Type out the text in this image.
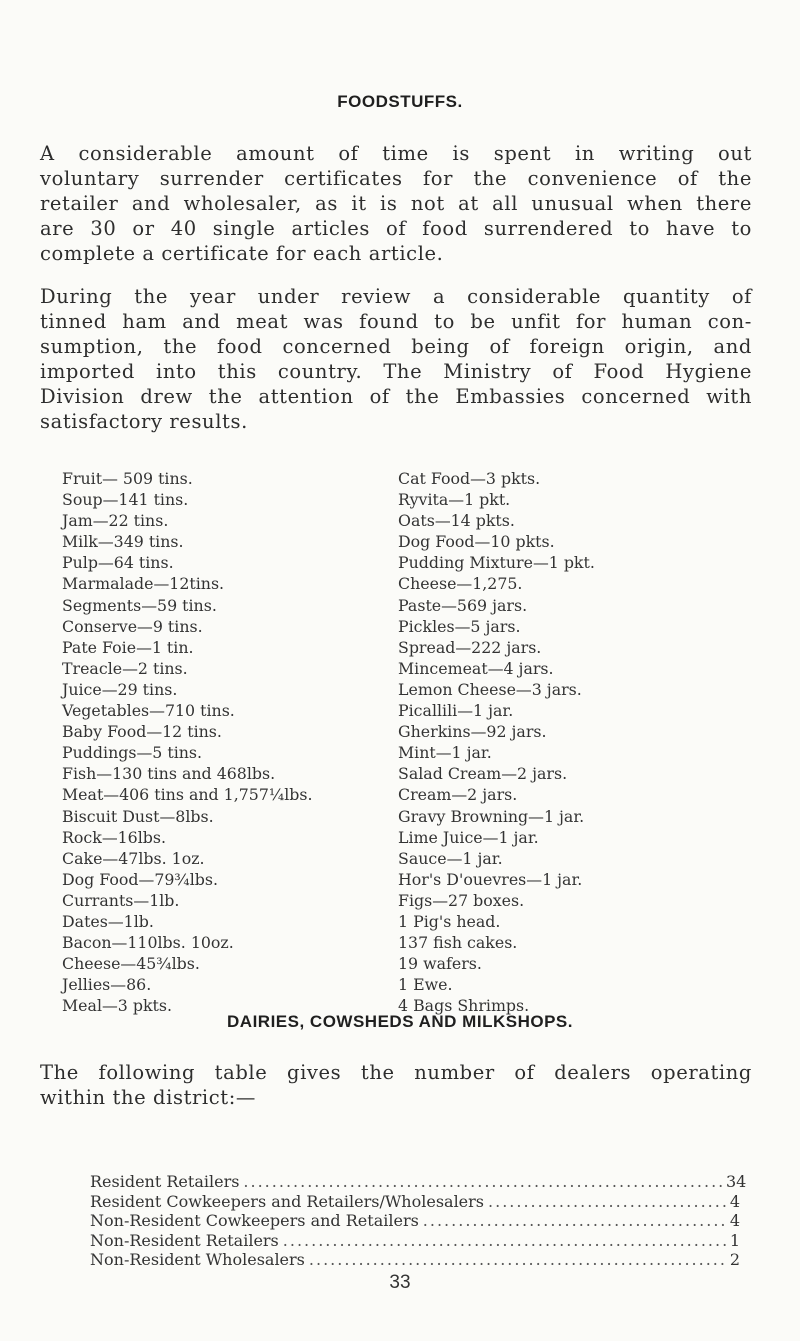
FOODSTUFFS.
A considerable amount of time is spent in writing out
voluntary surrender certificates for the convenience of the
retailer and wholesaler, as it is not at all unusual when there
are 30 or 40 single articles of food surrendered to have to
complete a certificate for each article.
During the year under review a considerable quantity of
tinned ham and meat was found to be unfit for human con-
sumption, the food concerned being of foreign origin, and
imported into this country. The Ministry of Food Hygiene
Division drew the attention of the Embassies concerned with
satisfactory results.
Fruit— 509 tins.
Soup—141 tins.
Jam—22 tins.
Milk—349 tins.
Pulp—64 tins.
Marmalade—12tins.
Segments—59 tins.
Conserve—9 tins.
Pate Foie—1 tin.
Treacle—2 tins.
Juice—29 tins.
Vegetables—710 tins.
Baby Food—12 tins.
Puddings—5 tins.
Fish—130 tins and 468lbs.
Meat—406 tins and 1,757¼lbs.
Biscuit Dust—8lbs.
Rock—16lbs.
Cake—47lbs. 1oz.
Dog Food—79¾lbs.
Currants—1lb.
Dates—1lb.
Bacon—110lbs. 10oz.
Cheese—45¾lbs.
Jellies—86.
Meal—3 pkts.
Cat Food—3 pkts.
Ryvita—1 pkt.
Oats—14 pkts.
Dog Food—10 pkts.
Pudding Mixture—1 pkt.
Cheese—1,275.
Paste—569 jars.
Pickles—5 jars.
Spread—222 jars.
Mincemeat—4 jars.
Lemon Cheese—3 jars.
Picallili—1 jar.
Gherkins—92 jars.
Mint—1 jar.
Salad Cream—2 jars.
Cream—2 jars.
Gravy Browning—1 jar.
Lime Juice—1 jar.
Sauce—1 jar.
Hor's D'ouevres—1 jar.
Figs—27 boxes.
1 Pig's head.
137 fish cakes.
19 wafers.
1 Ewe.
4 Bags Shrimps.
DAIRIES, COWSHEDS AND MILKSHOPS.
The following table gives the number of dealers operating
within the district:—
Resident Retailers .....	34
Resident Cowkeepers and Retailers/Wholesalers .....	4
Non-Resident Cowkeepers and Retailers .....	4
Non-Resident Retailers .....	1
Non-Resident Wholesalers .....	2
33
